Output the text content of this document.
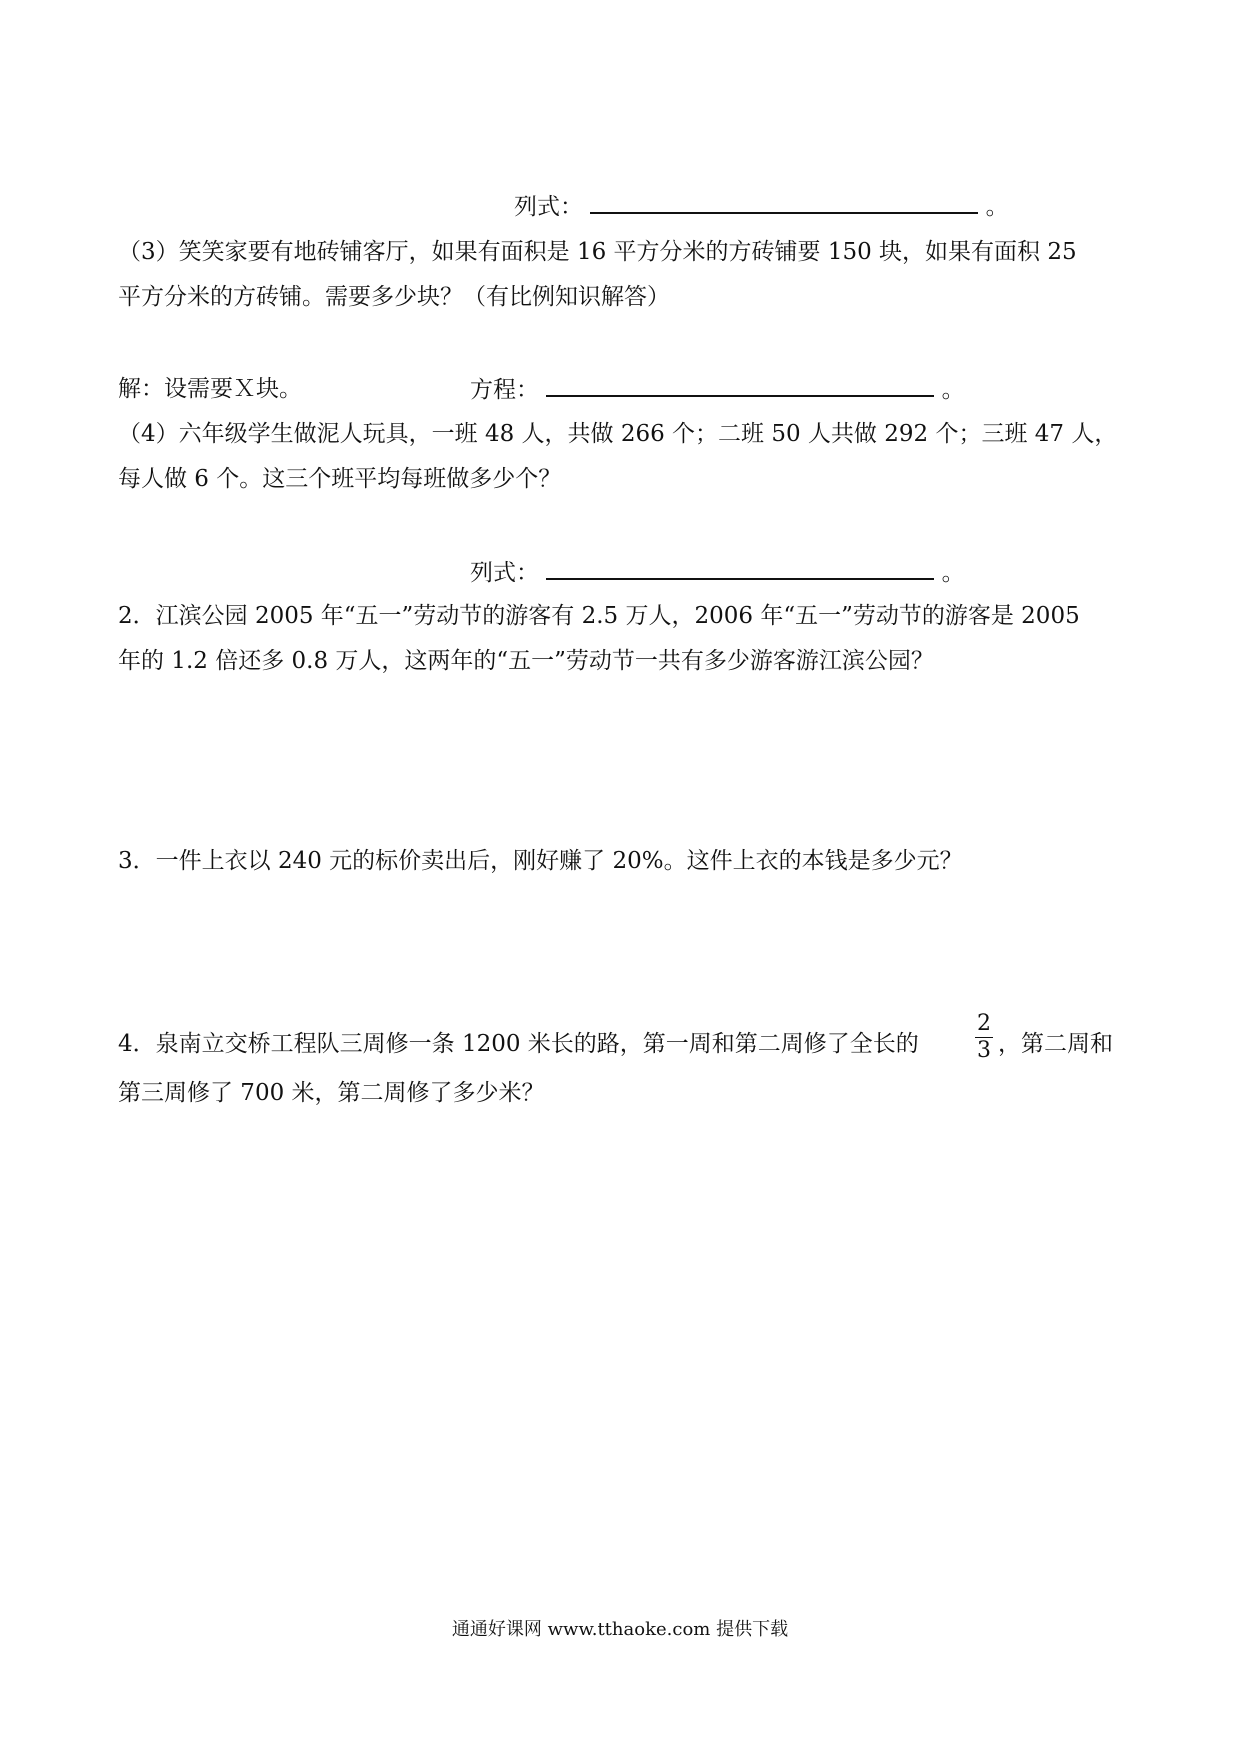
列式：	。
（3）笑笑家要有地砖铺客厅，如果有面积是 16 平方分米的方砖铺要 150 块，如果有面积 25
平方分米的方砖铺。需要多少块？（有比例知识解答）
解：设需要Ｘ块。	方程：	。
（4）六年级学生做泥人玩具，一班 48 人，共做 266 个；二班 50 人共做 292 个；三班 47 人，
每人做 6 个。这三个班平均每班做多少个？
列式：	。
2．江滨公园 2005 年“五一”劳动节的游客有 2.5 万人，2006 年“五一”劳动节的游客是 2005
年的 1.2 倍还多 0.8 万人，这两年的“五一”劳动节一共有多少游客游江滨公园？
3．一件上衣以 240 元的标价卖出后，刚好赚了 20%。这件上衣的本钱是多少元？
4．泉南立交桥工程队三周修一条 1200 米长的路，第一周和第二周修了全长的
2
3 ，第二周和
第三周修了 700 米，第二周修了多少米？
通通好课网 www.tthaoke.com 提供下载
